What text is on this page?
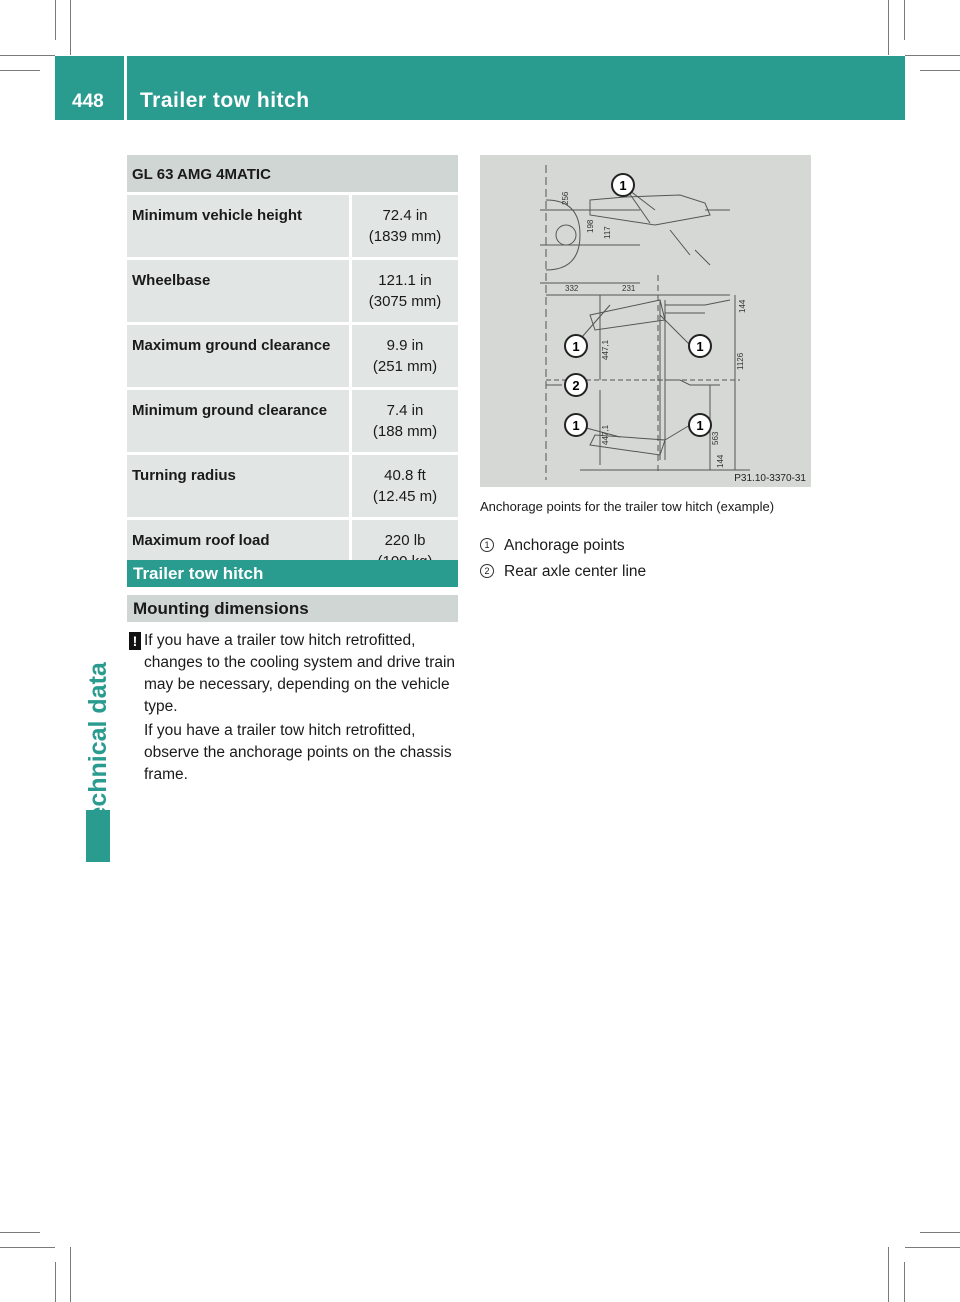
448 Trailer tow hitch
Technical data
GL 63 AMG 4MATIC	
Minimum vehicle height	72.4 in
(1839 mm)
Wheelbase	121.1 in
(3075 mm)
Maximum ground clearance	9.9 in
(251 mm)
Minimum ground clearance	7.4 in
(188 mm)
Turning radius	40.8 ft
(12.45 m)
Maximum roof load	220 lb

Trailer tow hitch
Mounting dimensions
! If you have a trailer tow hitch retrofitted, changes to the cooling system and drive train may be necessary, depending on the vehicle type.

If you have a trailer tow hitch retrofitted, observe the anchorage points on the chassis frame.

256
198 117
332	231
144
447,1
1126
447,1	563
144
1
1	1
2
1	1
P31.10-3370-31
Anchorage points for the trailer tow hitch (example)
1 Anchorage points
2 Rear axle center line
